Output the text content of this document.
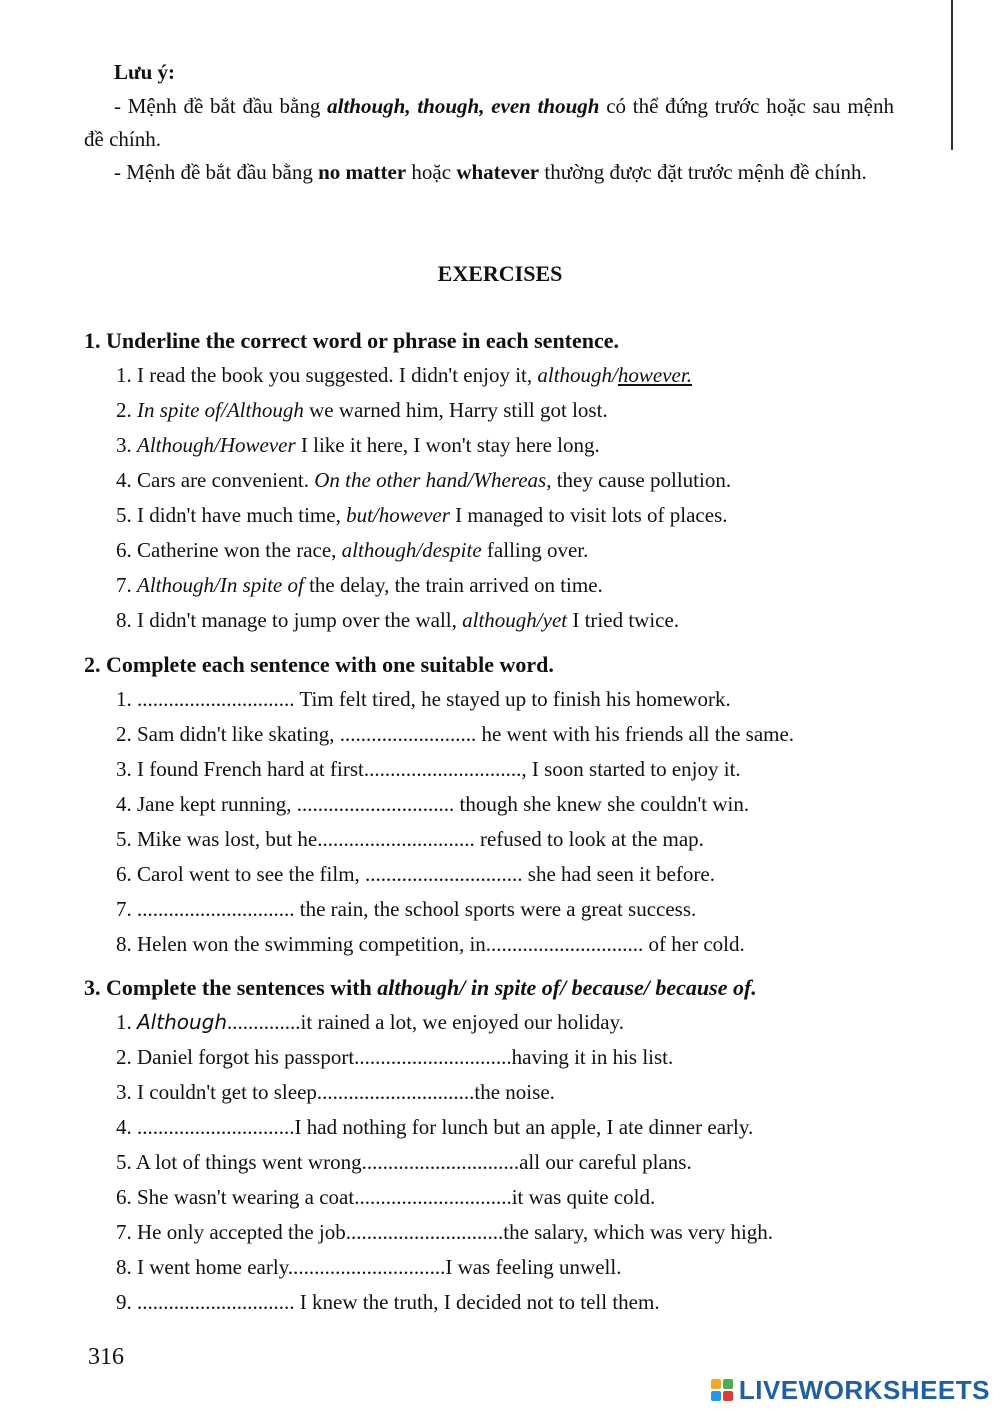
Lưu ý:

- Mệnh đề bắt đầu bằng although, though, even though có thể đứng trước hoặc sau mệnh đề chính.

- Mệnh đề bắt đầu bằng no matter hoặc whatever thường được đặt trước mệnh đề chính.

EXERCISES
1. Underline the correct word or phrase in each sentence.
1. I read the book you suggested. I didn't enjoy it, although/however.
2. In spite of/Although we warned him, Harry still got lost.
3. Although/However I like it here, I won't stay here long.
4. Cars are convenient. On the other hand/Whereas, they cause pollution.
5. I didn't have much time, but/however I managed to visit lots of places.
6. Catherine won the race, although/despite falling over.
7. Although/In spite of the delay, the train arrived on time.
8. I didn't manage to jump over the wall, although/yet I tried twice.
2. Complete each sentence with one suitable word.
1. .............................. Tim felt tired, he stayed up to finish his homework.
2. Sam didn't like skating, .......................... he went with his friends all the same.
3. I found French hard at first.............................., I soon started to enjoy it.
4. Jane kept running, .............................. though she knew she couldn't win.
5. Mike was lost, but he.............................. refused to look at the map.
6. Carol went to see the film, .............................. she had seen it before.
7. .............................. the rain, the school sports were a great success.
8. Helen won the swimming competition, in.............................. of her cold.
3. Complete the sentences with although/ in spite of/ because/ because of.
1. Although..............it rained a lot, we enjoyed our holiday.
2. Daniel forgot his passport..............................having it in his list.
3. I couldn't get to sleep..............................the noise.
4. ..............................I had nothing for lunch but an apple, I ate dinner early.
5. A lot of things went wrong..............................all our careful plans.
6. She wasn't wearing a coat..............................it was quite cold.
7. He only accepted the job..............................the salary, which was very high.
8. I went home early..............................I was feeling unwell.
9. .............................. I knew the truth, I decided not to tell them.
316
LIVEWORKSHEETS
